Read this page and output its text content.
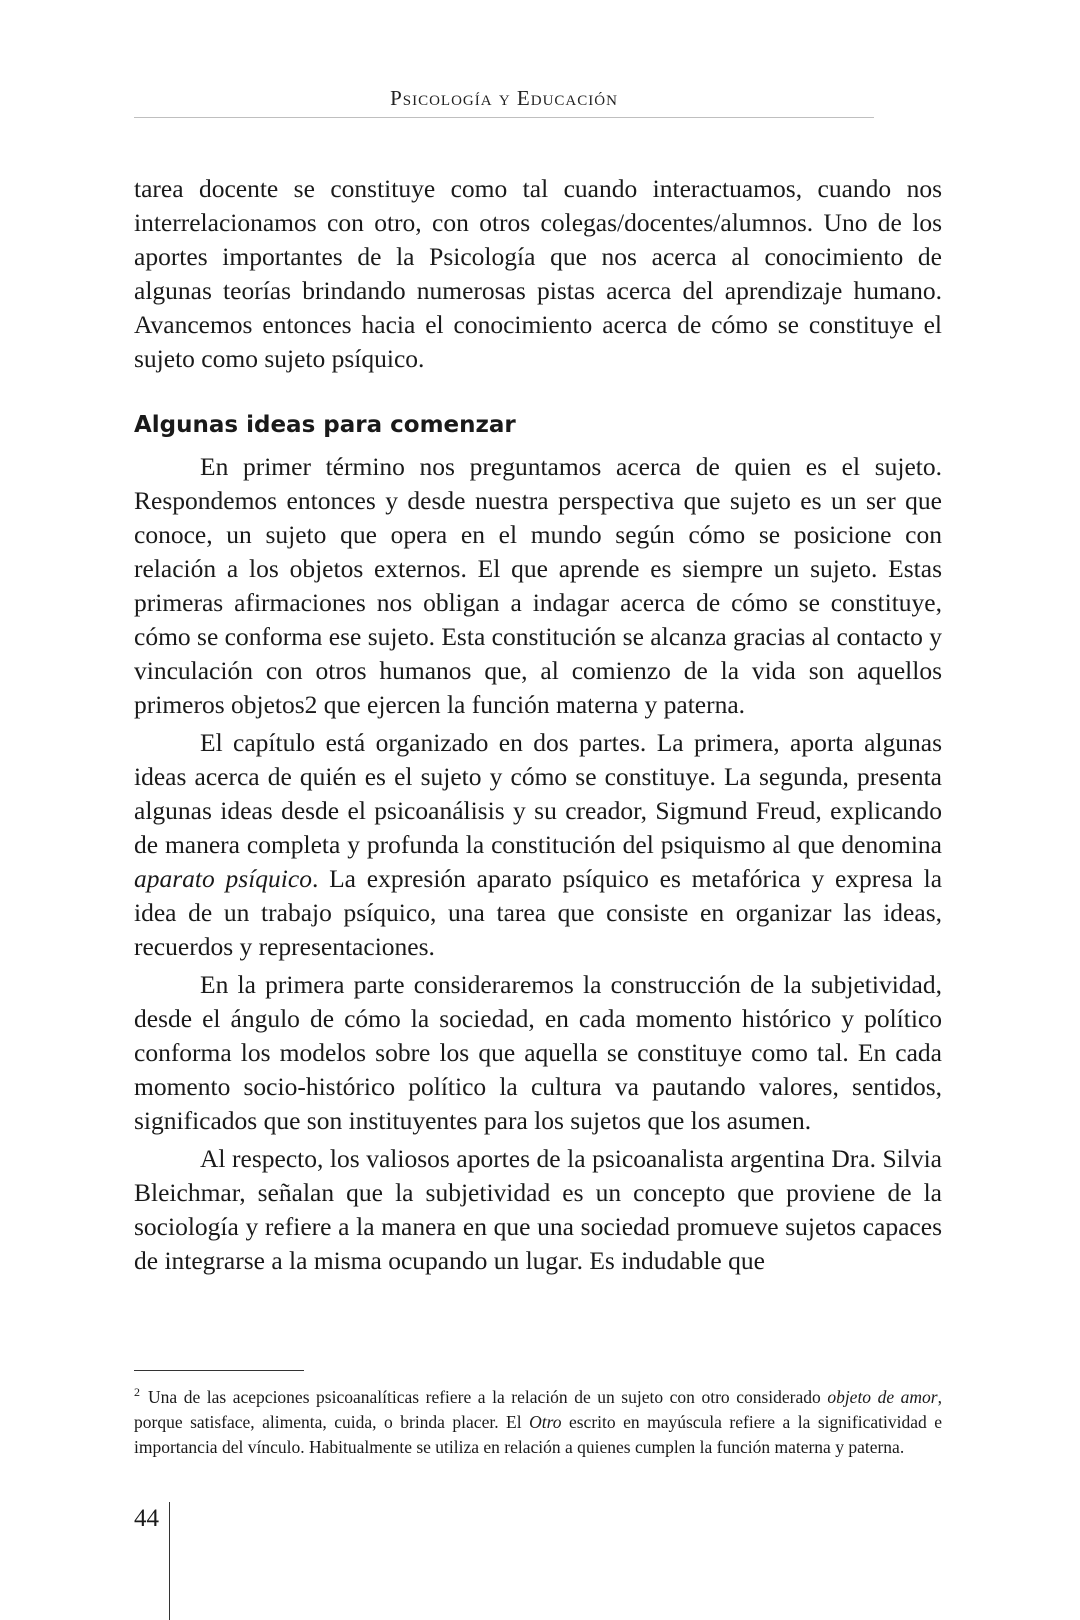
Psicología y Educación

tarea docente se constituye como tal cuando interactuamos, cuando nos interrelacionamos con otro, con otros colegas/docentes/alumnos. Uno de los aportes importantes de la Psicología que nos acerca al conocimiento de algunas teorías brindando numerosas pistas acerca del aprendizaje humano. Avancemos entonces hacia el conocimiento acerca de cómo se constituye el sujeto como sujeto psíquico.

Algunas ideas para comenzar

En primer término nos preguntamos acerca de quien es el sujeto. Respondemos entonces y desde nuestra perspectiva que sujeto es un ser que conoce, un sujeto que opera en el mundo según cómo se posicione con relación a los objetos externos. El que aprende es siempre un sujeto. Estas primeras afirmaciones nos obligan a indagar acerca de cómo se constituye, cómo se conforma ese sujeto. Esta constitución se alcanza gracias al contacto y vinculación con otros humanos que, al comienzo de la vida son aquellos primeros objetos2 que ejercen la función materna y paterna.

El capítulo está organizado en dos partes. La primera, aporta algunas ideas acerca de quién es el sujeto y cómo se constituye. La segunda, presenta algunas ideas desde el psicoanálisis y su creador, Sigmund Freud, explicando de manera completa y profunda la constitución del psiquismo al que denomina aparato psíquico. La expresión aparato psíquico es metafórica y expresa la idea de un trabajo psíquico, una tarea que consiste en organizar las ideas, recuerdos y representaciones.

En la primera parte consideraremos la construcción de la subjetividad, desde el ángulo de cómo la sociedad, en cada momento histórico y político conforma los modelos sobre los que aquella se constituye como tal. En cada momento socio-histórico político la cultura va pautando valores, sentidos, significados que son instituyentes para los sujetos que los asumen.

Al respecto, los valiosos aportes de la psicoanalista argentina Dra. Silvia Bleichmar, señalan que la subjetividad es un concepto que proviene de la sociología y refiere a la manera en que una sociedad promueve sujetos capaces de integrarse a la misma ocupando un lugar. Es indudable que

$^2$ Una de las acepciones psicoanalíticas refiere a la relación de un sujeto con otro considerado objeto de amor, porque satisface, alimenta, cuida, o brinda placer. El Otro escrito en mayúscula refiere a la significatividad e importancia del vínculo. Habitualmente se utiliza en relación a quienes cumplen la función materna y paterna.

44
